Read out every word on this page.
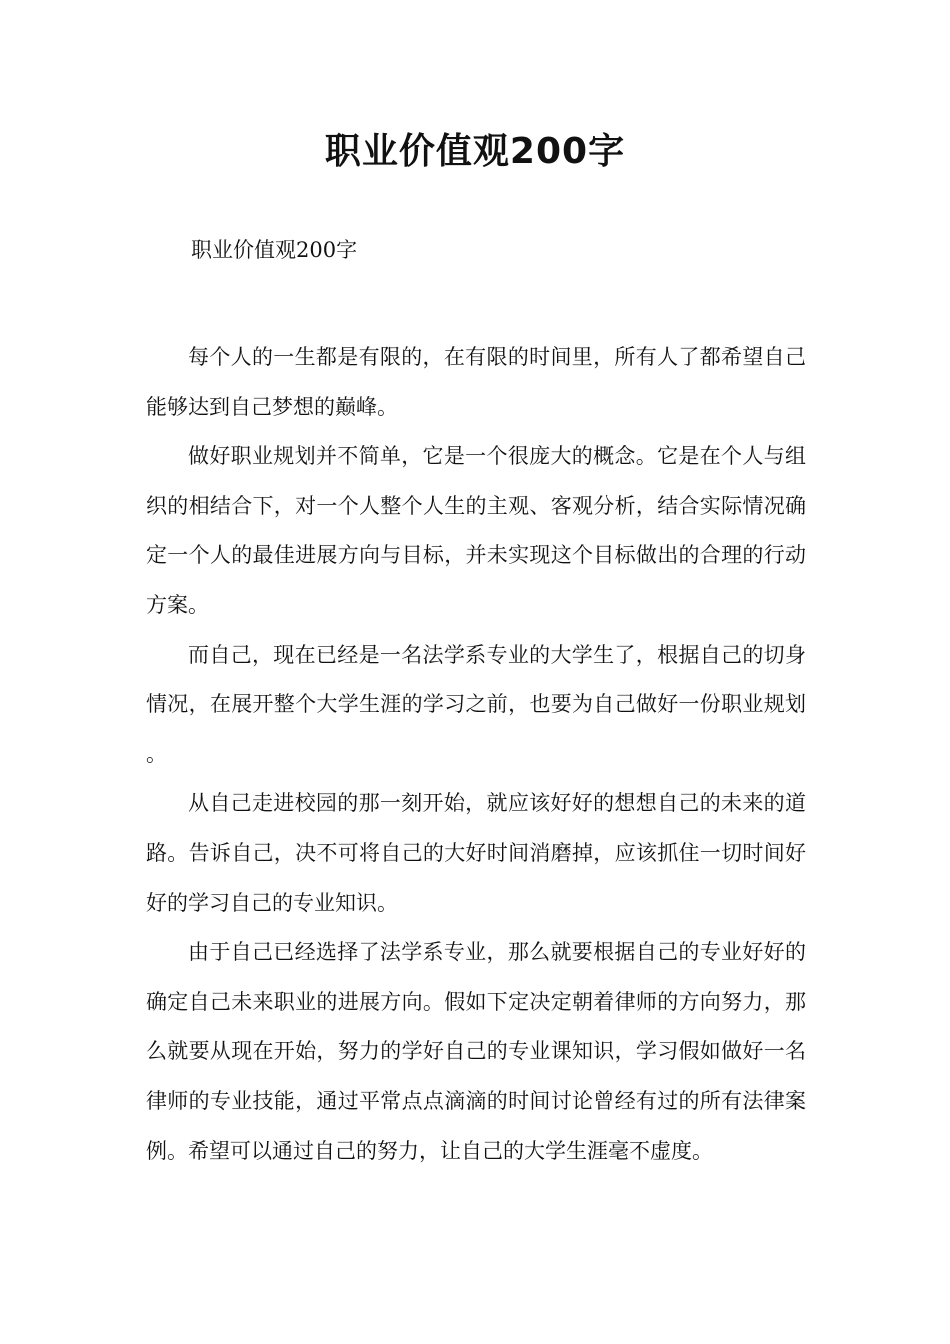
职业价值观200字
职业价值观200字

每个人的一生都是有限的，在有限的时间里，所有人了都希望自己能够达到自己梦想的巅峰。

做好职业规划并不简单，它是一个很庞大的概念。它是在个人与组织的相结合下，对一个人整个人生的主观、客观分析，结合实际情况确定一个人的最佳进展方向与目标，并未实现这个目标做出的合理的行动方案。

而自己，现在已经是一名法学系专业的大学生了，根据自己的切身情况，在展开整个大学生涯的学习之前，也要为自己做好一份职业规划。

从自己走进校园的那一刻开始，就应该好好的想想自己的未来的道路。告诉自己，决不可将自己的大好时间消磨掉，应该抓住一切时间好好的学习自己的专业知识。

由于自己已经选择了法学系专业，那么就要根据自己的专业好好的确定自己未来职业的进展方向。假如下定决定朝着律师的方向努力，那么就要从现在开始，努力的学好自己的专业课知识，学习假如做好一名律师的专业技能，通过平常点点滴滴的时间讨论曾经有过的所有法律案例。希望可以通过自己的努力，让自己的大学生涯毫不虚度。
